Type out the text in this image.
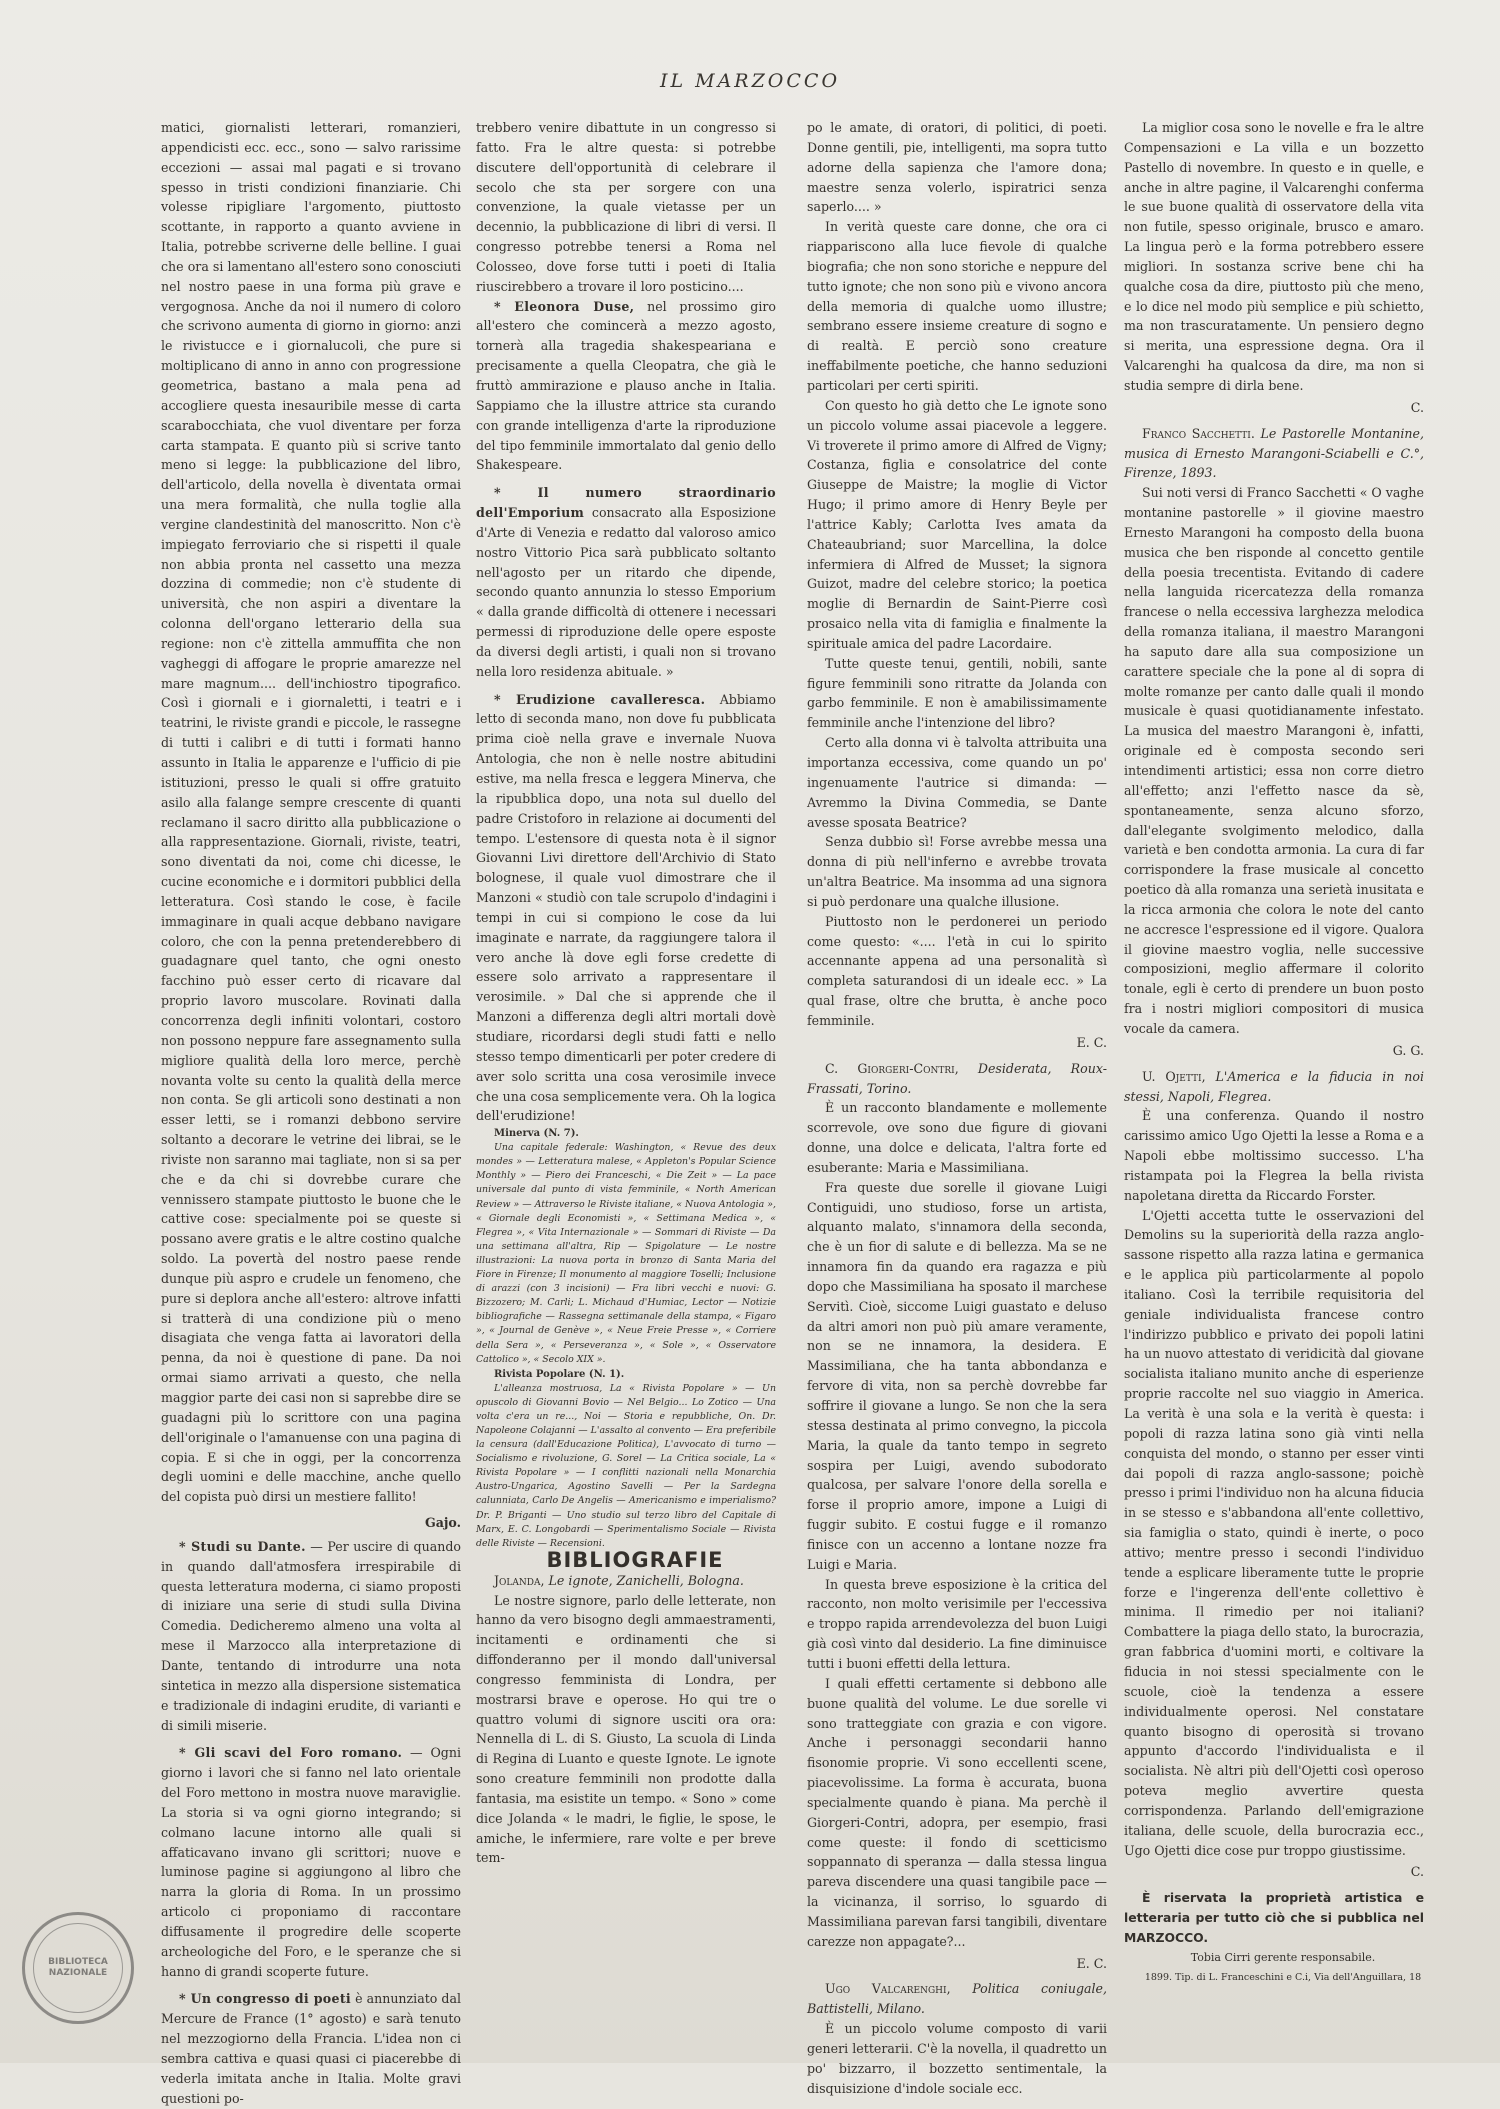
IL MARZOCCO

matici, giornalisti letterari, romanzieri, appendicisti ecc. ecc., sono — salvo rarissime eccezioni — assai mal pagati e si trovano spesso in tristi condizioni finanziarie. Chi volesse ripigliare l'argomento, piuttosto scottante, in rapporto a quanto avviene in Italia, potrebbe scriverne delle belline. I guai che ora si lamentano all'estero sono conosciuti nel nostro paese in una forma più grave e vergognosa. Anche da noi il numero di coloro che scrivono aumenta di giorno in giorno: anzi le rivistucce e i giornalucoli, che pure si moltiplicano di anno in anno con progressione geometrica, bastano a mala pena ad accogliere questa inesauribile messe di carta scarabocchiata, che vuol diventare per forza carta stampata. E quanto più si scrive tanto meno si legge: la pubblicazione del libro, dell'articolo, della novella è diventata ormai una mera formalità, che nulla toglie alla vergine clandestinità del manoscritto. Non c'è impiegato ferroviario che si rispetti il quale non abbia pronta nel cassetto una mezza dozzina di commedie; non c'è studente di università, che non aspiri a diventare la colonna dell'organo letterario della sua regione: non c'è zittella ammuffita che non vagheggi di affogare le proprie amarezze nel mare magnum.... dell'inchiostro tipografico. Così i giornali e i giornaletti, i teatri e i teatrini, le riviste grandi e piccole, le rassegne di tutti i calibri e di tutti i formati hanno assunto in Italia le apparenze e l'ufficio di pie istituzioni, presso le quali si offre gratuito asilo alla falange sempre crescente di quanti reclamano il sacro diritto alla pubblicazione o alla rappresentazione. Giornali, riviste, teatri, sono diventati da noi, come chi dicesse, le cucine economiche e i dormitori pubblici della letteratura. Così stando le cose, è facile immaginare in quali acque debbano navigare coloro, che con la penna pretenderebbero di guadagnare quel tanto, che ogni onesto facchino può esser certo di ricavare dal proprio lavoro muscolare. Rovinati dalla concorrenza degli infiniti volontari, costoro non possono neppure fare assegnamento sulla migliore qualità della loro merce, perchè novanta volte su cento la qualità della merce non conta. Se gli articoli sono destinati a non esser letti, se i romanzi debbono servire soltanto a decorare le vetrine dei librai, se le riviste non saranno mai tagliate, non si sa per che e da chi si dovrebbe curare che vennissero stampate piuttosto le buone che le cattive cose: specialmente poi se queste si possano avere gratis e le altre costino qualche soldo. La povertà del nostro paese rende dunque più aspro e crudele un fenomeno, che pure si deplora anche all'estero: altrove infatti si tratterà di una condizione più o meno disagiata che venga fatta ai lavoratori della penna, da noi è questione di pane. Da noi ormai siamo arrivati a questo, che nella maggior parte dei casi non si saprebbe dire se guadagni più lo scrittore con una pagina dell'originale o l'amanuense con una pagina di copia. E si che in oggi, per la concorrenza degli uomini e delle macchine, anche quello del copista può dirsi un mestiere fallito!

Gajo.

* Studi su Dante. — Per uscire di quando in quando dall'atmosfera irrespirabile di questa letteratura moderna, ci siamo proposti di iniziare una serie di studi sulla Divina Comedia. Dedicheremo almeno una volta al mese il Marzocco alla interpretazione di Dante, tentando di introdurre una nota sintetica in mezzo alla dispersione sistematica e tradizionale di indagini erudite, di varianti e di simili miserie.

* Gli scavi del Foro romano. — Ogni giorno i lavori che si fanno nel lato orientale del Foro mettono in mostra nuove maraviglie. La storia si va ogni giorno integrando; si colmano lacune intorno alle quali si affaticavano invano gli scrittori; nuove e luminose pagine si aggiungono al libro che narra la gloria di Roma. In un prossimo articolo ci proponiamo di raccontare diffusamente il progredire delle scoperte archeologiche del Foro, e le speranze che si hanno di grandi scoperte future.

* Un congresso di poeti è annunziato dal Mercure de France (1° agosto) e sarà tenuto nel mezzogiorno della Francia. L'idea non ci sembra cattiva e quasi quasi ci piacerebbe di vederla imitata anche in Italia. Molte gravi questioni po-

trebbero venire dibattute in un congresso si fatto. Fra le altre questa: si potrebbe discutere dell'opportunità di celebrare il secolo che sta per sorgere con una convenzione, la quale vietasse per un decennio, la pubblicazione di libri di versi. Il congresso potrebbe tenersi a Roma nel Colosseo, dove forse tutti i poeti di Italia riuscirebbero a trovare il loro posticino....

* Eleonora Duse, nel prossimo giro all'estero che comincerà a mezzo agosto, tornerà alla tragedia shakespeariana e precisamente a quella Cleopatra, che già le fruttò ammirazione e plauso anche in Italia. Sappiamo che la illustre attrice sta curando con grande intelligenza d'arte la riproduzione del tipo femminile immortalato dal genio dello Shakespeare.

* Il numero straordinario dell'Emporium consacrato alla Esposizione d'Arte di Venezia e redatto dal valoroso amico nostro Vittorio Pica sarà pubblicato soltanto nell'agosto per un ritardo che dipende, secondo quanto annunzia lo stesso Emporium « dalla grande difficoltà di ottenere i necessari permessi di riproduzione delle opere esposte da diversi degli artisti, i quali non si trovano nella loro residenza abituale. »

* Erudizione cavalleresca. Abbiamo letto di seconda mano, non dove fu pubblicata prima cioè nella grave e invernale Nuova Antologia, che non è nelle nostre abitudini estive, ma nella fresca e leggera Minerva, che la ripubblica dopo, una nota sul duello del padre Cristoforo in relazione ai documenti del tempo. L'estensore di questa nota è il signor Giovanni Livi direttore dell'Archivio di Stato bolognese, il quale vuol dimostrare che il Manzoni « studiò con tale scrupolo d'indagini i tempi in cui si compiono le cose da lui imaginate e narrate, da raggiungere talora il vero anche là dove egli forse credette di essere solo arrivato a rappresentare il verosimile. » Dal che si apprende che il Manzoni a differenza degli altri mortali dovè studiare, ricordarsi degli studi fatti e nello stesso tempo dimenticarli per poter credere di aver solo scritta una cosa verosimile invece che una cosa semplicemente vera. Oh la logica dell'erudizione!

Minerva (N. 7).

Una capitale federale: Washington, « Revue des deux mondes » — Letteratura malese, « Appleton's Popular Science Monthly » — Piero dei Franceschi, « Die Zeit » — La pace universale dal punto di vista femminile, « North American Review » — Attraverso le Riviste italiane, « Nuova Antologia », « Giornale degli Economisti », « Settimana Medica », « Flegrea », « Vita Internazionale » — Sommari di Riviste — Da una settimana all'altra, Rip — Spigolature — Le nostre illustrazioni: La nuova porta in bronzo di Santa Maria del Fiore in Firenze; Il monumento al maggiore Toselli; Inclusione di arazzi (con 3 incisioni) — Fra libri vecchi e nuovi: G. Bizzozero; M. Carli; L. Michaud d'Humiac, Lector — Notizie bibliografiche — Rassegna settimanale della stampa, « Figaro », « Journal de Genève », « Neue Freie Presse », « Corriere della Sera », « Perseveranza », « Sole », « Osservatore Cattolico », « Secolo XIX ».

Rivista Popolare (N. 1).

L'alleanza mostruosa, La « Rivista Popolare » — Un opuscolo di Giovanni Bovio — Nel Belgio... Lo Zotico — Una volta c'era un re..., Noi — Storia e repubbliche, On. Dr. Napoleone Colajanni — L'assalto al convento — Era preferibile la censura (dall'Educazione Politica), L'avvocato di turno — Socialismo e rivoluzione, G. Sorel — La Critica sociale, La « Rivista Popolare » — I conflitti nazionali nella Monarchia Austro-Ungarica, Agostino Savelli — Per la Sardegna calunniata, Carlo De Angelis — Americanismo e imperialismo? Dr. P. Briganti — Uno studio sul terzo libro del Capitale di Marx, E. C. Longobardi — Sperimentalismo Sociale — Rivista delle Riviste — Recensioni.

BIBLIOGRAFIE

Jolanda, Le ignote, Zanichelli, Bologna.

Le nostre signore, parlo delle letterate, non hanno da vero bisogno degli ammaestramenti, incitamenti e ordinamenti che si diffonderanno per il mondo dall'universal congresso femminista di Londra, per mostrarsi brave e operose. Ho qui tre o quattro volumi di signore usciti ora ora: Nennella di L. di S. Giusto, La scuola di Linda di Regina di Luanto e queste Ignote. Le ignote sono creature femminili non prodotte dalla fantasia, ma esistite un tempo. « Sono » come dice Jolanda « le madri, le figlie, le spose, le amiche, le infermiere, rare volte e per breve tem-

po le amate, di oratori, di politici, di poeti. Donne gentili, pie, intelligenti, ma sopra tutto adorne della sapienza che l'amore dona; maestre senza volerlo, ispiratrici senza saperlo.... »

In verità queste care donne, che ora ci riappariscono alla luce fievole di qualche biografia; che non sono storiche e neppure del tutto ignote; che non sono più e vivono ancora della memoria di qualche uomo illustre; sembrano essere insieme creature di sogno e di realtà. E perciò sono creature ineffabilmente poetiche, che hanno seduzioni particolari per certi spiriti.

Con questo ho già detto che Le ignote sono un piccolo volume assai piacevole a leggere. Vi troverete il primo amore di Alfred de Vigny; Costanza, figlia e consolatrice del conte Giuseppe de Maistre; la moglie di Victor Hugo; il primo amore di Henry Beyle per l'attrice Kably; Carlotta Ives amata da Chateaubriand; suor Marcellina, la dolce infermiera di Alfred de Musset; la signora Guizot, madre del celebre storico; la poetica moglie di Bernardin de Saint-Pierre così prosaico nella vita di famiglia e finalmente la spirituale amica del padre Lacordaire.

Tutte queste tenui, gentili, nobili, sante figure femminili sono ritratte da Jolanda con garbo femminile. E non è amabilissimamente femminile anche l'intenzione del libro?

Certo alla donna vi è talvolta attribuita una importanza eccessiva, come quando un po' ingenuamente l'autrice si dimanda: — Avremmo la Divina Commedia, se Dante avesse sposata Beatrice?

Senza dubbio sì! Forse avrebbe messa una donna di più nell'inferno e avrebbe trovata un'altra Beatrice. Ma insomma ad una signora si può perdonare una qualche illusione.

Piuttosto non le perdonerei un periodo come questo: «.... l'età in cui lo spirito accennante appena ad una personalità sì completa saturandosi di un ideale ecc. » La qual frase, oltre che brutta, è anche poco femminile.

E. C.

C. Giorgeri-Contri, Desiderata, Roux-Frassati, Torino.

È un racconto blandamente e mollemente scorrevole, ove sono due figure di giovani donne, una dolce e delicata, l'altra forte ed esuberante: Maria e Massimiliana.

Fra queste due sorelle il giovane Luigi Contiguidi, uno studioso, forse un artista, alquanto malato, s'innamora della seconda, che è un fior di salute e di bellezza. Ma se ne innamora fin da quando era ragazza e più dopo che Massimiliana ha sposato il marchese Servitì. Cioè, siccome Luigi guastato e deluso da altri amori non può più amare veramente, non se ne innamora, la desidera. E Massimiliana, che ha tanta abbondanza e fervore di vita, non sa perchè dovrebbe far soffrire il giovane a lungo. Se non che la sera stessa destinata al primo convegno, la piccola Maria, la quale da tanto tempo in segreto sospira per Luigi, avendo subodorato qualcosa, per salvare l'onore della sorella e forse il proprio amore, impone a Luigi di fuggir subito. E costui fugge e il romanzo finisce con un accenno a lontane nozze fra Luigi e Maria.

In questa breve esposizione è la critica del racconto, non molto verisimile per l'eccessiva e troppo rapida arrendevolezza del buon Luigi già così vinto dal desiderio. La fine diminuisce tutti i buoni effetti della lettura.

I quali effetti certamente si debbono alle buone qualità del volume. Le due sorelle vi sono tratteggiate con grazia e con vigore. Anche i personaggi secondarii hanno fisonomie proprie. Vi sono eccellenti scene, piacevolissime. La forma è accurata, buona specialmente quando è piana. Ma perchè il Giorgeri-Contri, adopra, per esempio, frasi come queste: il fondo di scetticismo soppannato di speranza — dalla stessa lingua pareva discendere una quasi tangibile pace — la vicinanza, il sorriso, lo sguardo di Massimiliana parevan farsi tangibili, diventare carezze non appagate?...

E. C.

Ugo Valcarenghi, Politica coniugale, Battistelli, Milano.

È un piccolo volume composto di varii generi letterarii. C'è la novella, il quadretto un po' bizzarro, il bozzetto sentimentale, la disquisizione d'indole sociale ecc.

La miglior cosa sono le novelle e fra le altre Compensazioni e La villa e un bozzetto Pastello di novembre. In questo e in quelle, e anche in altre pagine, il Valcarenghi conferma le sue buone qualità di osservatore della vita non futile, spesso originale, brusco e amaro. La lingua però e la forma potrebbero essere migliori. In sostanza scrive bene chi ha qualche cosa da dire, piuttosto più che meno, e lo dice nel modo più semplice e più schietto, ma non trascuratamente. Un pensiero degno si merita, una espressione degna. Ora il Valcarenghi ha qualcosa da dire, ma non si studia sempre di dirla bene.

C.

Franco Sacchetti. Le Pastorelle Montanine, musica di Ernesto Marangoni-Sciabelli e C.°, Firenze, 1893.

Sui noti versi di Franco Sacchetti « O vaghe montanine pastorelle » il giovine maestro Ernesto Marangoni ha composto della buona musica che ben risponde al concetto gentile della poesia trecentista. Evitando di cadere nella languida ricercatezza della romanza francese o nella eccessiva larghezza melodica della romanza italiana, il maestro Marangoni ha saputo dare alla sua composizione un carattere speciale che la pone al di sopra di molte romanze per canto dalle quali il mondo musicale è quasi quotidianamente infestato. La musica del maestro Marangoni è, infatti, originale ed è composta secondo seri intendimenti artistici; essa non corre dietro all'effetto; anzi l'effetto nasce da sè, spontaneamente, senza alcuno sforzo, dall'elegante svolgimento melodico, dalla varietà e ben condotta armonia. La cura di far corrispondere la frase musicale al concetto poetico dà alla romanza una serietà inusitata e la ricca armonia che colora le note del canto ne accresce l'espressione ed il vigore. Qualora il giovine maestro voglia, nelle successive composizioni, meglio affermare il colorito tonale, egli è certo di prendere un buon posto fra i nostri migliori compositori di musica vocale da camera.

G. G.

U. Ojetti, L'America e la fiducia in noi stessi, Napoli, Flegrea.

È una conferenza. Quando il nostro carissimo amico Ugo Ojetti la lesse a Roma e a Napoli ebbe moltissimo successo. L'ha ristampata poi la Flegrea la bella rivista napoletana diretta da Riccardo Forster.

L'Ojetti accetta tutte le osservazioni del Demolins su la superiorità della razza anglo-sassone rispetto alla razza latina e germanica e le applica più particolarmente al popolo italiano. Così la terribile requisitoria del geniale individualista francese contro l'indirizzo pubblico e privato dei popoli latini ha un nuovo attestato di veridicità dal giovane socialista italiano munito anche di esperienze proprie raccolte nel suo viaggio in America. La verità è una sola e la verità è questa: i popoli di razza latina sono già vinti nella conquista del mondo, o stanno per esser vinti dai popoli di razza anglo-sassone; poichè presso i primi l'individuo non ha alcuna fiducia in se stesso e s'abbandona all'ente collettivo, sia famiglia o stato, quindi è inerte, o poco attivo; mentre presso i secondi l'individuo tende a esplicare liberamente tutte le proprie forze e l'ingerenza dell'ente collettivo è minima. Il rimedio per noi italiani? Combattere la piaga dello stato, la burocrazia, gran fabbrica d'uomini morti, e coltivare la fiducia in noi stessi specialmente con le scuole, cioè la tendenza a essere individualmente operosi. Nel constatare quanto bisogno di operosità si trovano appunto d'accordo l'individualista e il socialista. Nè altri più dell'Ojetti così operoso poteva meglio avvertire questa corrispondenza. Parlando dell'emigrazione italiana, delle scuole, della burocrazia ecc., Ugo Ojetti dice cose pur troppo giustissime.

C.

È riservata la proprietà artistica e letteraria per tutto ciò che si pubblica nel MARZOCCO.

Tobia Cirri gerente responsabile.

1899. Tip. di L. Franceschini e C.i, Via dell'Anguillara, 18

BIBLIOTECA NAZIONALE
